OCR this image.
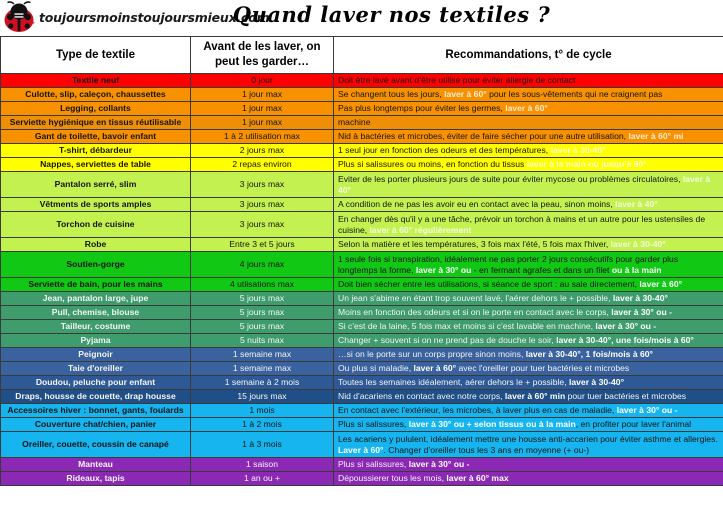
toujoursmoinstoujoursmieux.com
Quand laver nos textiles ?
Type de textile	Avant de les laver, on peut les garder…	Recommandations, t° de cycle
Textile neuf	0 jour	Doit être lavé avant d’être utilisé pour éviter allergie de contact
Culotte, slip, caleçon, chaussettes	1 jour max	Se changent tous les jours, laver à 60° pour les sous-vêtements qui ne craignent pas
Legging, collants	1 jour max	Pas plus longtemps pour éviter les germes, laver à 60°
Serviette hygiénique en tissus réutilisable	1 jour max	machine
Gant de toilette, bavoir enfant	1 à 2 utilisation max	Nid à bactéries et microbes, éviter de faire sécher pour une autre utilisation, laver à 60° mi
T-shirt, débardeur	2 jours max	1 seul jour en fonction des odeurs et des températures, laver à 30-40°
Nappes, serviettes de table	2 repas environ	Plus si salissures ou moins, en fonction du tissus laver à la main ou jusqu’à 90°
Pantalon serré, slim	3 jours max	Eviter de les porter plusieurs jours de suite pour éviter mycose ou problèmes circulatoires, laver à 40°
Vêtments de sports amples	3 jours max	A condition de ne pas les avoir eu en contact avec la peau, sinon moins, laver à 40°
Torchon de cuisine	3 jours max	En changer dès qu'il y a une tâche, prévoir un torchon à mains et un autre pour les ustensiles de cuisine, laver à 60° régulièrement
Robe	Entre 3 et 5 jours	Selon la matière et les températures, 3 fois max l'été, 5 fois max l'hiver, laver à 30-40°
Soutien-gorge	4 jours max	1 seule fois si transpiration, idéalement ne pas porter 2 jours consécutifs pour garder plus longtemps la forme, laver à 30° ou - en fermant agrafes et dans un filet ou à la main
Serviette de bain, pour les mains	4 utlisations max	Doit bien sécher entre les utilisations, si séance de sport : au sale directement, laver à 60°
Jean, pantalon large, jupe	5 jours max	Un jean s'abime en étant trop souvent lavé, l'aérer dehors le + possible, laver à 30-40°
Pull, chemise, blouse	5 jours max	Moins en fonction des odeurs et si on le porte en contact avec le corps, laver à 30° ou -
Tailleur, costume	5 jours max	Si c'est de la laine, 5 fois max et moins si c'est lavable en machine, laver à 30° ou -
Pyjama	5 nuits max	Changer + souvent si on ne prend pas de douche le soir, laver à 30-40°, une fois/mois à 60°
Peignoir	1 semaine max	…si on le porte sur un corps propre sinon moins, laver à 30-40°, 1 fois/mois à 60°
Taie d'oreiller	1 semaine max	Ou plus si maladie, laver à 60° avec l'oreiller pour tuer bactéries et microbes
Doudou, peluche pour enfant	1 semaine à 2 mois	Toutes les semaines idéalement, aérer dehors le + possible, laver à 30-40°
Draps, housse de couette, drap housse	15 jours max	Nid d'acariens en contact avec notre corps, laver à 60° min pour tuer bactéries et microbes
Accessoires hiver : bonnet, gants, foulards	1 mois	En contact avec l'extérieur, les microbes, à laver plus en cas de maladie, laver à 30° ou -
Couverture chat/chien, panier	1 à 2 mois	Plus si salissures, laver à 30° ou + selon tissus ou à la main, en profiter pour laver l'animal
Oreiller, couette, coussin de canapé	1 à 3 mois	Les acariens y pululent, idéalement mettre une housse anti-accarien pour éviter asthme et allergies. Laver à 60°. Changer d’oreiller tous les 3 ans en moyenne (+ ou-)
Manteau	1 saison	Plus si salissures, laver à 30° ou -
Rideaux, tapis	1 an ou +	Dépoussierer tous les mois, laver à 60° max
